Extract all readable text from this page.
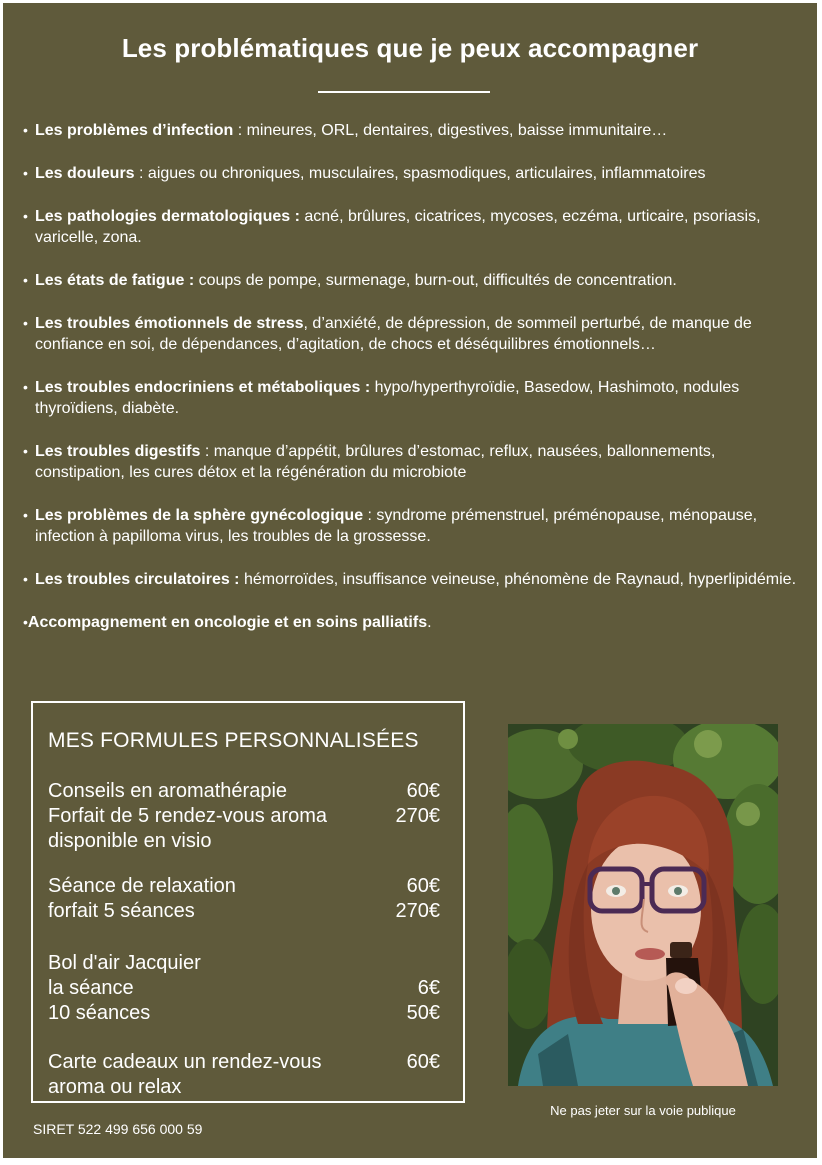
Les problématiques que je peux accompagner
• Les problèmes d’infection : mineures, ORL, dentaires, digestives, baisse immunitaire…
• Les douleurs : aigues ou chroniques, musculaires, spasmodiques, articulaires, inflammatoires
• Les pathologies dermatologiques : acné, brûlures, cicatrices, mycoses, eczéma, urticaire, psoriasis, varicelle, zona.
• Les états de fatigue : coups de pompe, surmenage, burn-out, difficultés de concentration.
• Les troubles émotionnels de stress, d’anxiété, de dépression, de sommeil perturbé, de manque de confiance en soi, de dépendances, d’agitation, de chocs et déséquilibres émotionnels…
• Les troubles endocriniens et métaboliques : hypo/hyperthyroïdie, Basedow, Hashimoto, nodules thyroïdiens, diabète.
• Les troubles digestifs : manque d’appétit, brûlures d’estomac, reflux, nausées, ballonnements, constipation, les cures détox et la régénération du microbiote
• Les problèmes de la sphère gynécologique : syndrome prémenstruel, préménopause, ménopause, infection à papilloma virus, les troubles de la grossesse.
• Les troubles circulatoires : hémorroïdes, insuffisance veineuse, phénomène de Raynaud, hyperlipidémie.
•Accompagnement en oncologie et en soins palliatifs.
MES FORMULES PERSONNALISÉES
Conseils en aromathérapie	60€
Forfait de 5 rendez-vous aroma	270€
disponible en visio
Séance de relaxation	60€
forfait 5 séances	270€
Bol d'air Jacquier
la séance	6€
10 séances	50€
Carte cadeaux un rendez-vous	60€
aroma ou relax
Ne pas jeter sur la voie publique
SIRET 522 499 656 000 59
